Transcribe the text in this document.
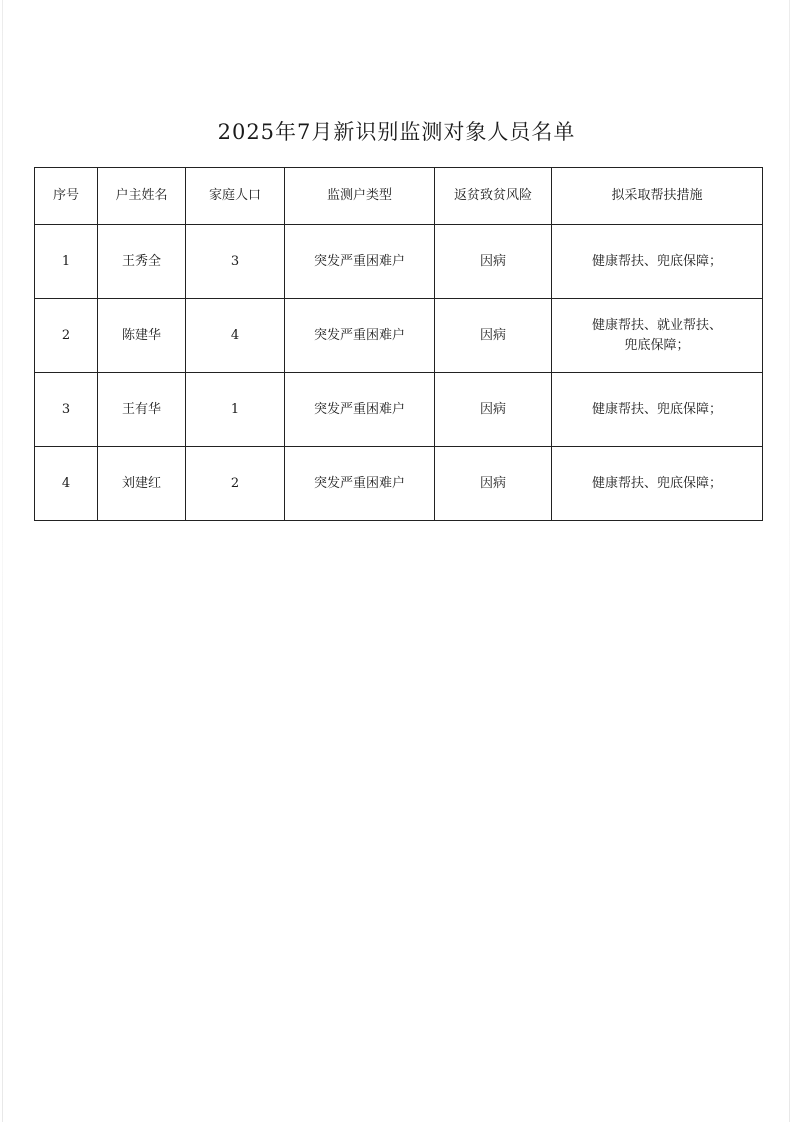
2025年7月新识别监测对象人员名单
序号	户主姓名	家庭人口	监测户类型	返贫致贫风险	拟采取帮扶措施
1	王秀全	3	突发严重困难户	因病	健康帮扶、兜底保障；
2	陈建华	4	突发严重困难户	因病	健康帮扶、就业帮扶、
兜底保障；
3	王有华	1	突发严重困难户	因病	健康帮扶、兜底保障；
4	刘建红	2	突发严重困难户	因病	健康帮扶、兜底保障；
